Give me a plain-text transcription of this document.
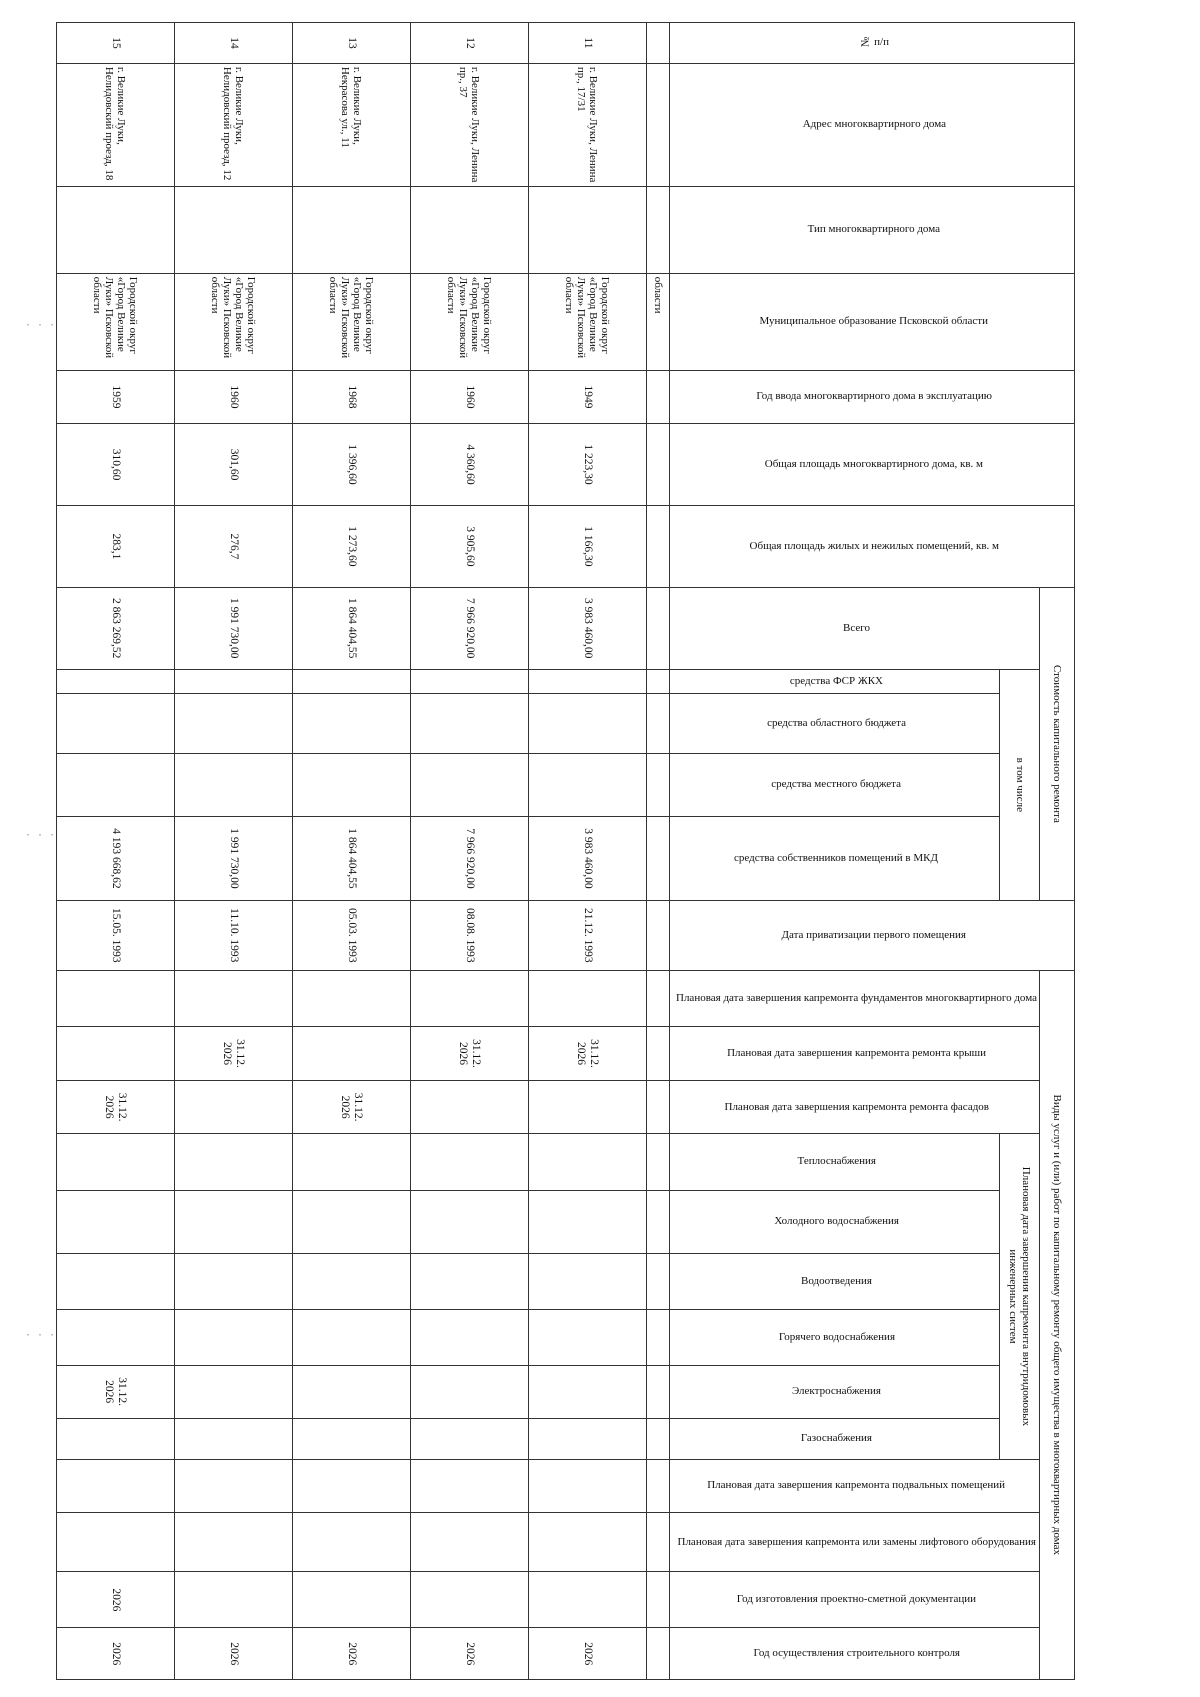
· · ·
· · ·
· · ·
№ п/п	Адрес многоквартирного дома	Тип многоквартирного дома	Муниципальное образование Псковской области	Год ввода многоквартирного дома в эксплуатацию	Общая площадь многоквартирного дома, кв. м	Общая площадь жилых и нежилых помещений, кв. м	Стоимость капитального ремонта					Дата приватизации первого помещения	Виды услуг и (или) работ по капитальному ремонту общего имущества в многоквартирных домах												
							Всего	в том числе					Плановая дата завершения капремонта фундаментов многоквартирного дома	Плановая дата завершения капремонта ремонта крыши	Плановая дата завершения капремонта ремонта фасадов	Плановая дата завершения капремонта внутридомовых инженерных систем						Плановая дата завершения капремонта подвальных помещений	Плановая дата завершения капремонта или замены лифтового оборудования	Год изготовления проектно-сметной документации	Год осуществления строительного контроля
								средства ФСР ЖКХ	средства областного бюджета	средства местного бюджета	средства собственников помещений в МКД					Теплоснабжения	Холодного водоснабжения	Водоотведения	Горячего водоснабжения	Электроснабжения	Газоснабжения				
			области																						
11	г. Великие Луки, Ленина пр., 17/31		Городской округ «Город Великие Луки» Псковской области	1949	1 223,30	1 166,30	3 983 460,00				3 983 460,00	21.12. 1993		31.12. 2026											2026
12	г. Великие Луки, Ленина пр., 37		Городской округ «Город Великие Луки» Псковской области	1960	4 360,60	3 905,60	7 966 920,00				7 966 920,00	08.08. 1993		31.12. 2026											2026
13	г. Великие Луки, Некрасова ул., 11		Городской округ «Город Великие Луки» Псковской области	1968	1 396,60	1 273,60	1 864 404,55				1 864 404,55	05.03. 1993			31.12. 2026										2026
14	г. Великие Луки, Нелидовский проезд, 12		Городской округ «Город Великие Луки» Псковской области	1960	301,60	276,7	1 991 730,00				1 991 730,00	11.10. 1993		31.12. 2026											2026
15	г. Великие Луки, Нелидовский проезд, 18		Городской округ «Город Великие Луки» Псковской области	1959	310,60	283,1	2 863 269,52				4 193 668,62	15.05. 1993			31.12. 2026					31.12. 2026				2026	2026
